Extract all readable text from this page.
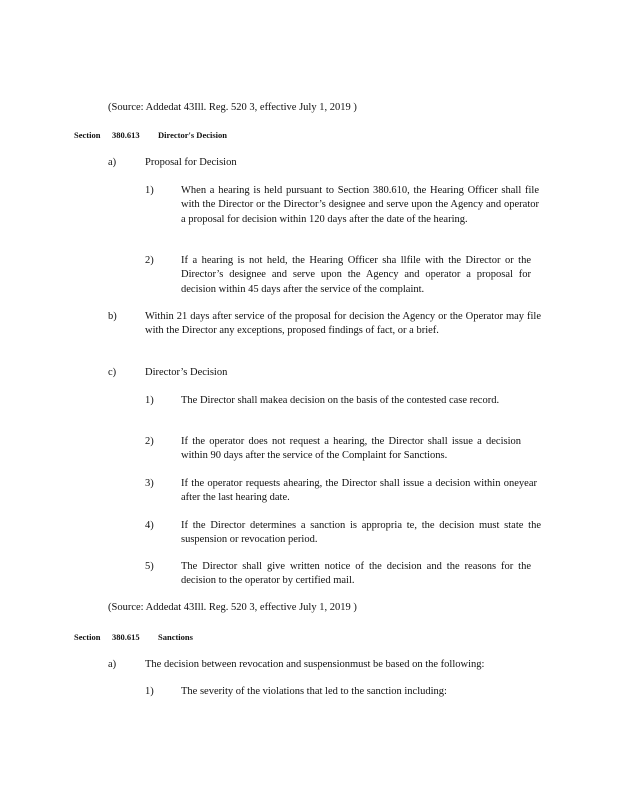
(Source: Addedat 43Ill. Reg. 520 3, effective July 1, 2019 )
Section 380.613 Director's Decision
a)	Proposal for Decision
1)	When a hearing is held pursuant to Section 380.610, the Hearing Officer shall file with the Director or the Director’s designee and serve upon the Agency and operator a proposal for decision within 120 days after the date of the hearing.
2)	If a hearing is not held, the Hearing Officer sha llfile with the Director or the Director’s designee and serve upon the Agency and operator a proposal for decision within 45 days after the service of the complaint.
b)	Within 21 days after service of the proposal for decision the Agency or the Operator may file with the Director any exceptions, proposed findings of fact, or a brief.
c)	Director’s Decision
1)	The Director shall makea decision on the basis of the contested case record.
2)	If the operator does not request a hearing, the Director shall issue a decision within 90 days after the service of the Complaint for Sanctions.
3)	If the operator requests ahearing, the Director shall issue a decision within oneyear after the last hearing date.
4)	If the Director determines a sanction is appropria te, the decision must state the suspension or revocation period.
5)	The Director shall give written notice of the decision and the reasons for the decision to the operator by certified mail.
(Source: Addedat 43Ill. Reg. 520 3, effective July 1, 2019 )
Section 380.615 Sanctions
a)	The decision between revocation and suspensionmust be based on the following:
1)	The severity of the violations that led to the sanction including:
